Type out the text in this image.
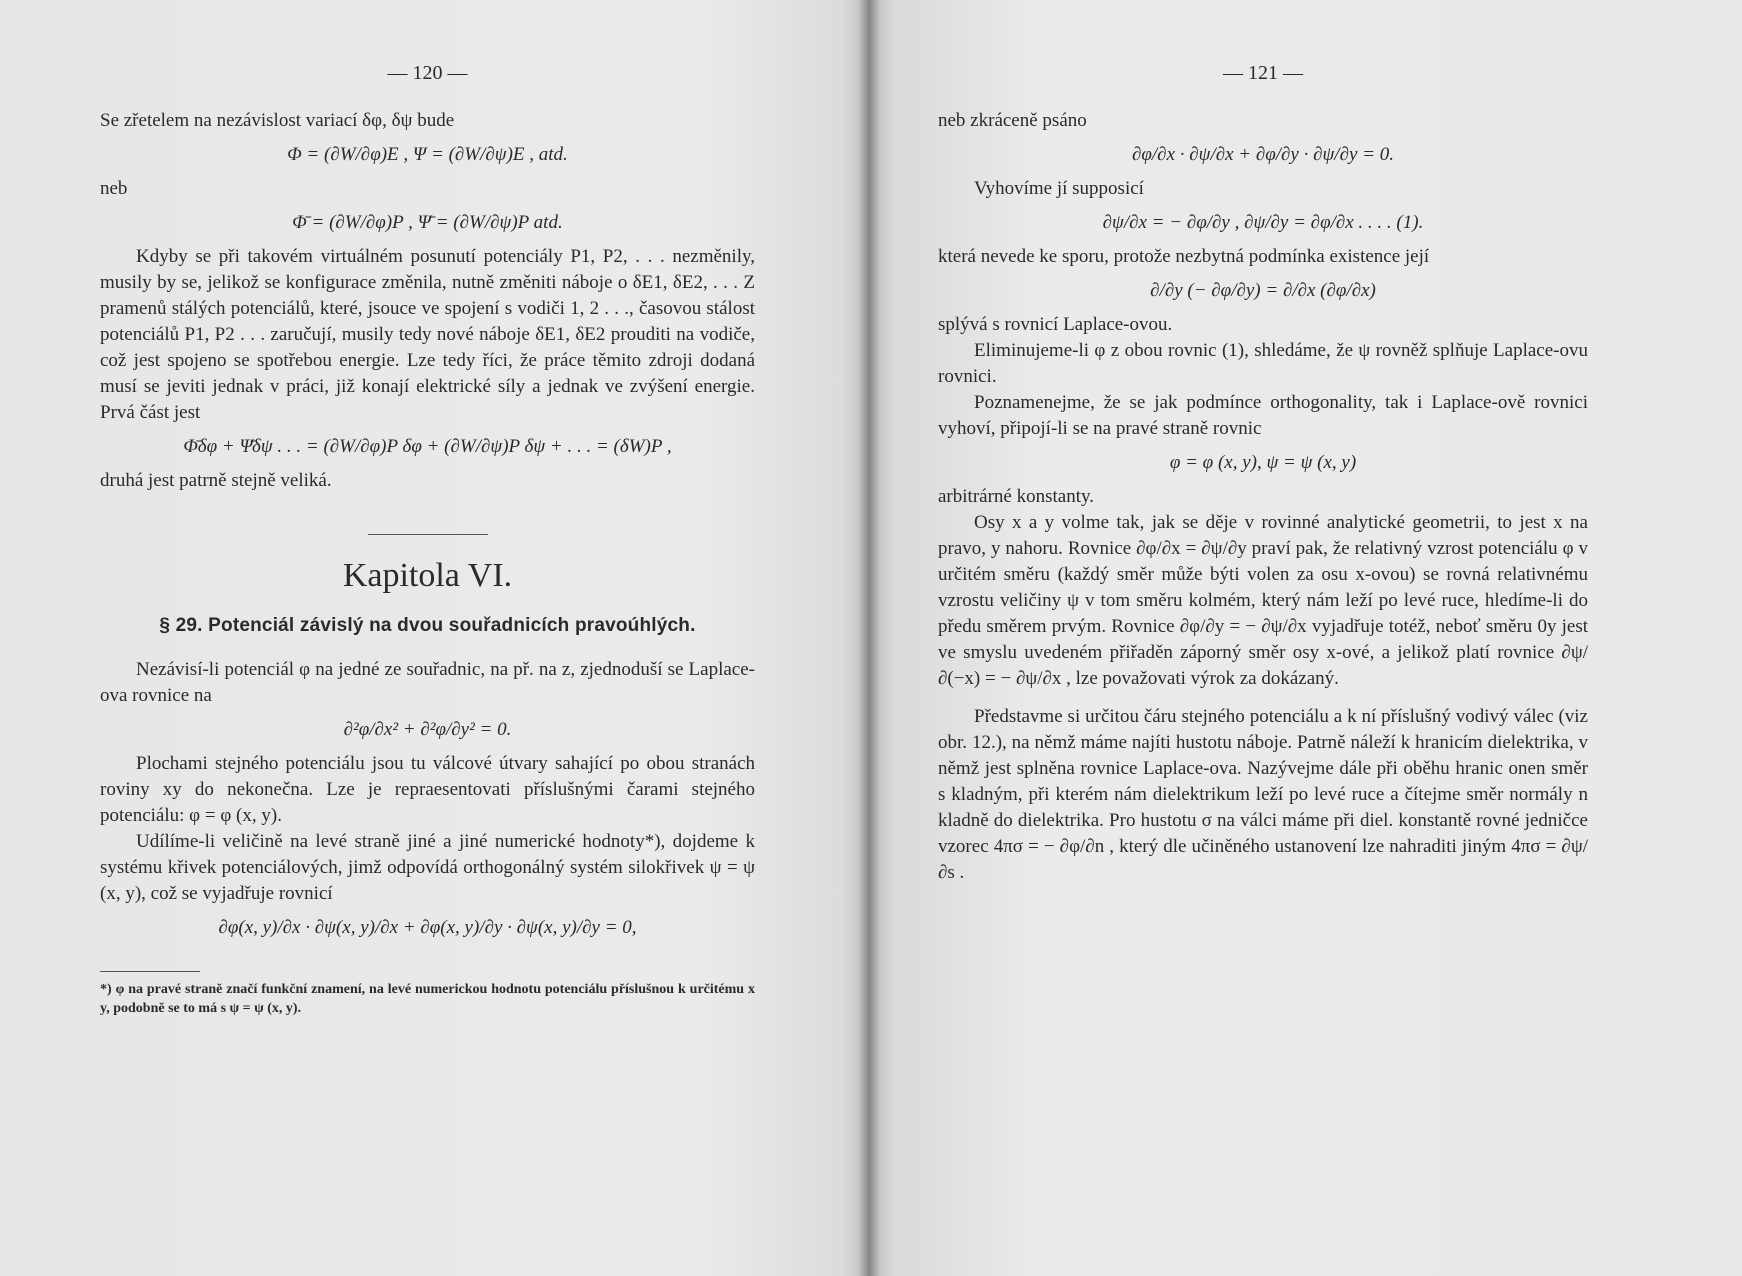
— 120 —

Se zřetelem na nezávislost variací δφ, δψ bude

Φ = (∂W/∂φ)E , Ψ = (∂W/∂ψ)E , atd.

neb

Φ̄ = (∂W/∂φ)P , Ψ̄ = (∂W/∂ψ)P atd.

Kdyby se při takovém virtuálném posunutí potenciály P1, P2, . . . nezměnily, musily by se, jelikož se konfigurace změnila, nutně změniti náboje o δE1, δE2, . . . Z pramenů stálých potenciálů, které, jsouce ve spojení s vodiči 1, 2 . . ., časovou stálost potenciálů P1, P2 . . . zaručují, musily tedy nové náboje δE1, δE2 prouditi na vodiče, což jest spojeno se spotřebou energie. Lze tedy říci, že práce těmito zdroji dodaná musí se jeviti jednak v práci, již konají elektrické síly a jednak ve zvýšení energie. Prvá část jest

Φ̄δφ + Ψ̄δψ . . . = (∂W/∂φ)P δφ + (∂W/∂ψ)P δψ + . . . = (δW)P ,

druhá jest patrně stejně veliká.

Kapitola VI.
§ 29. Potenciál závislý na dvou souřadnicích pravoúhlých.

Nezávisí-li potenciál φ na jedné ze souřadnic, na př. na z, zjednoduší se Laplace-ova rovnice na

∂²φ/∂x² + ∂²φ/∂y² = 0.

Plochami stejného potenciálu jsou tu válcové útvary sahající po obou stranách roviny xy do nekonečna. Lze je repraesentovati příslušnými čarami stejného potenciálu: φ = φ (x, y).

Udílíme-li veličině na levé straně jiné a jiné numerické hodnoty*), dojdeme k systému křivek potenciálových, jimž odpovídá orthogonálný systém silokřivek ψ = ψ (x, y), což se vyjadřuje rovnicí

∂φ(x, y)/∂x · ∂ψ(x, y)/∂x + ∂φ(x, y)/∂y · ∂ψ(x, y)/∂y = 0,
*) φ na pravé straně značí funkční znamení, na levé numerickou hodnotu potenciálu příslušnou k určitému x y, podobně se to má s ψ = ψ (x, y).
— 121 —

neb zkráceně psáno

∂φ/∂x · ∂ψ/∂x + ∂φ/∂y · ∂ψ/∂y = 0.

Vyhovíme jí supposicí

∂ψ/∂x = − ∂φ/∂y , ∂ψ/∂y = ∂φ/∂x . . . . (1).

která nevede ke sporu, protože nezbytná podmínka existence její

∂/∂y (− ∂φ/∂y) = ∂/∂x (∂φ/∂x)

splývá s rovnicí Laplace-ovou.

Eliminujeme-li φ z obou rovnic (1), shledáme, že ψ rovněž splňuje Laplace-ovu rovnici.

Poznamenejme, že se jak podmínce orthogonality, tak i Laplace-ově rovnici vyhoví, připojí-li se na pravé straně rovnic

φ = φ (x, y), ψ = ψ (x, y)

arbitrárné konstanty.

Osy x a y volme tak, jak se děje v rovinné analytické geometrii, to jest x na pravo, y nahoru. Rovnice ∂φ/∂x = ∂ψ/∂y praví pak, že relativný vzrost potenciálu φ v určitém směru (každý směr může býti volen za osu x-ovou) se rovná relativnému vzrostu veličiny ψ v tom směru kolmém, který nám leží po levé ruce, hledíme-li do předu směrem prvým. Rovnice ∂φ/∂y = − ∂ψ/∂x vyjadřuje totéž, neboť směru 0y jest ve smyslu uvedeném přiřaděn záporný směr osy x-ové, a jelikož platí rovnice ∂ψ/∂(−x) = − ∂ψ/∂x , lze považovati výrok za dokázaný.

Představme si určitou čáru stejného potenciálu a k ní příslušný vodivý válec (viz obr. 12.), na němž máme najíti hustotu náboje. Patrně náleží k hranicím dielektrika, v němž jest splněna rovnice Laplace-ova. Nazývejme dále při oběhu hranic onen směr s kladným, při kterém nám dielektrikum leží po levé ruce a čítejme směr normály n kladně do dielektrika. Pro hustotu σ na válci máme při diel. konstantě rovné jedničce vzorec 4πσ = − ∂φ/∂n , který dle učiněného ustanovení lze nahraditi jiným 4πσ = ∂ψ/∂s .
